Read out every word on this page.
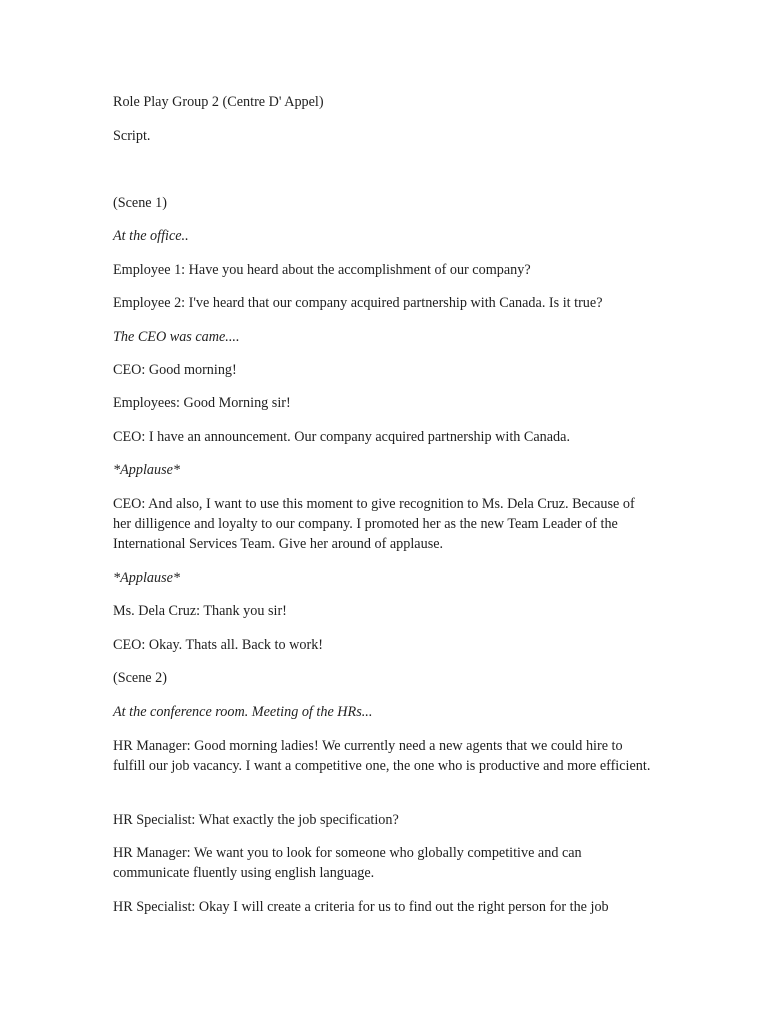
Role Play Group 2 (Centre D' Appel)
Script.
(Scene 1)
At the office..
Employee 1: Have you heard about the accomplishment of our company?
Employee 2: I've heard that our company acquired partnership with Canada. Is it true?
The CEO was came....
CEO: Good morning!
Employees: Good Morning sir!
CEO: I have an announcement. Our company acquired partnership with Canada.
*Applause*
CEO: And also, I want to use this moment to give recognition to Ms. Dela Cruz. Because of her dilligence and loyalty to our company. I promoted her as the new Team Leader of the International Services Team. Give her around of applause.
*Applause*
Ms. Dela Cruz: Thank you sir!
CEO: Okay. Thats all. Back to work!
(Scene 2)
At the conference room. Meeting of the HRs...
HR Manager: Good morning ladies! We currently need a new agents that we could hire to fulfill our job vacancy. I want a competitive one, the one who is productive and more efficient.
HR Specialist: What exactly the job specification?
HR Manager: We want you to look for someone who globally competitive and can communicate fluently using english language.
HR Specialist: Okay I will create a criteria for us to find out the right person for the job
